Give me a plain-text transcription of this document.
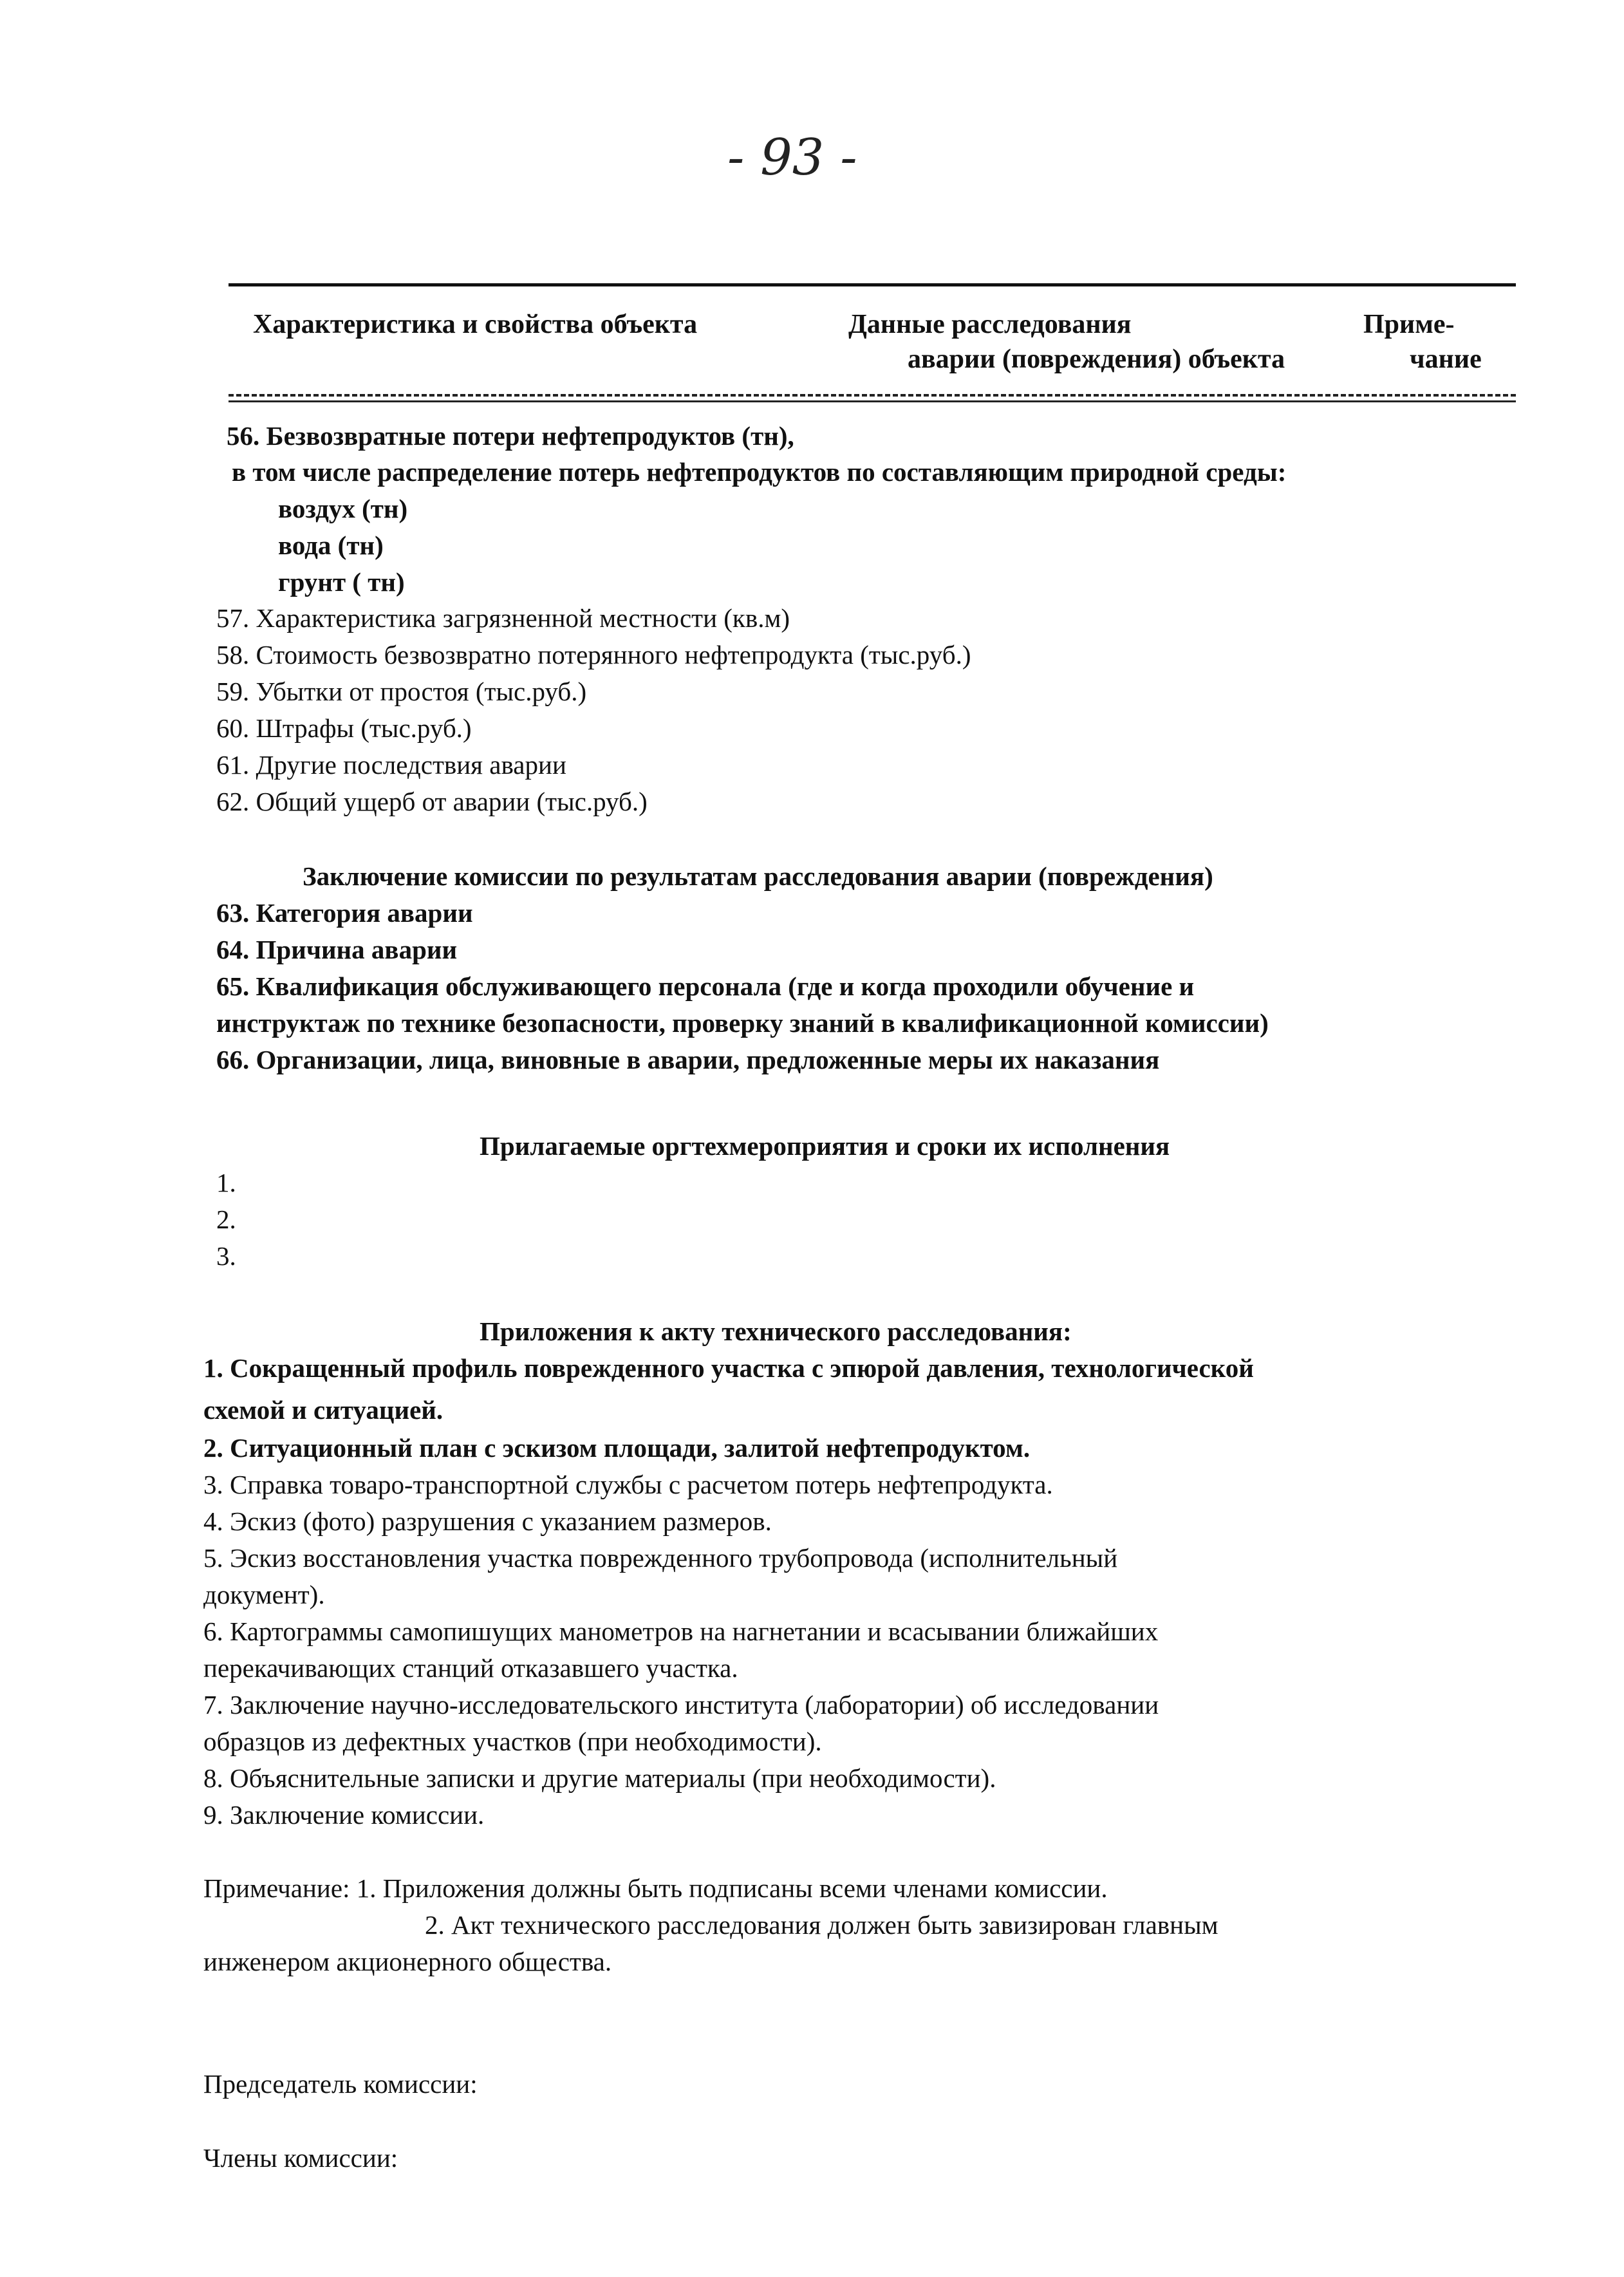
- 93 -
Характеристика и свойства объекта	Данные расследования
аварии (повреждения) объекта
Приме-
чание
56. Безвозвратные потери нефтепродуктов (тн),
в том числе распределение потерь нефтепродуктов по составляющим природной среды:
воздух (тн)
вода (тн)
грунт ( тн)
57. Характеристика загрязненной местности (кв.м)
58. Стоимость безвозвратно потерянного нефтепродукта (тыс.руб.)
59. Убытки от простоя (тыс.руб.)
60. Штрафы (тыс.руб.)
61. Другие последствия аварии
62. Общий ущерб от аварии (тыс.руб.)
Заключение комиссии по результатам расследования аварии (повреждения)
63. Категория аварии
64. Причина аварии
65. Квалификация обслуживающего персонала (где и когда проходили обучение и
инструктаж по технике безопасности, проверку знаний в квалификационной комиссии)
66. Организации, лица, виновные в аварии, предложенные меры их наказания
Прилагаемые оргтехмероприятия и сроки их исполнения
1.
2.
3.
Приложения к акту технического расследования:
1. Сокращенный профиль поврежденного участка с эпюрой давления, технологической
схемой и ситуацией.
2. Ситуационный план с эскизом площади, залитой нефтепродуктом.
3. Справка товаро-транспортной службы с расчетом потерь нефтепродукта.
4. Эскиз (фото) разрушения с указанием размеров.
5. Эскиз восстановления участка поврежденного трубопровода (исполнительный
документ).
6. Картограммы самопишущих манометров на нагнетании и всасывании ближайших
перекачивающих станций отказавшего участка.
7. Заключение научно-исследовательского института (лаборатории) об исследовании
образцов из дефектных участков (при необходимости).
8. Объяснительные записки и другие материалы (при необходимости).
9. Заключение комиссии.
Примечание: 1. Приложения должны быть подписаны всеми членами комиссии.
2. Акт технического расследования должен быть завизирован главным
инженером акционерного общества.
Председатель комиссии:
Члены комиссии:
